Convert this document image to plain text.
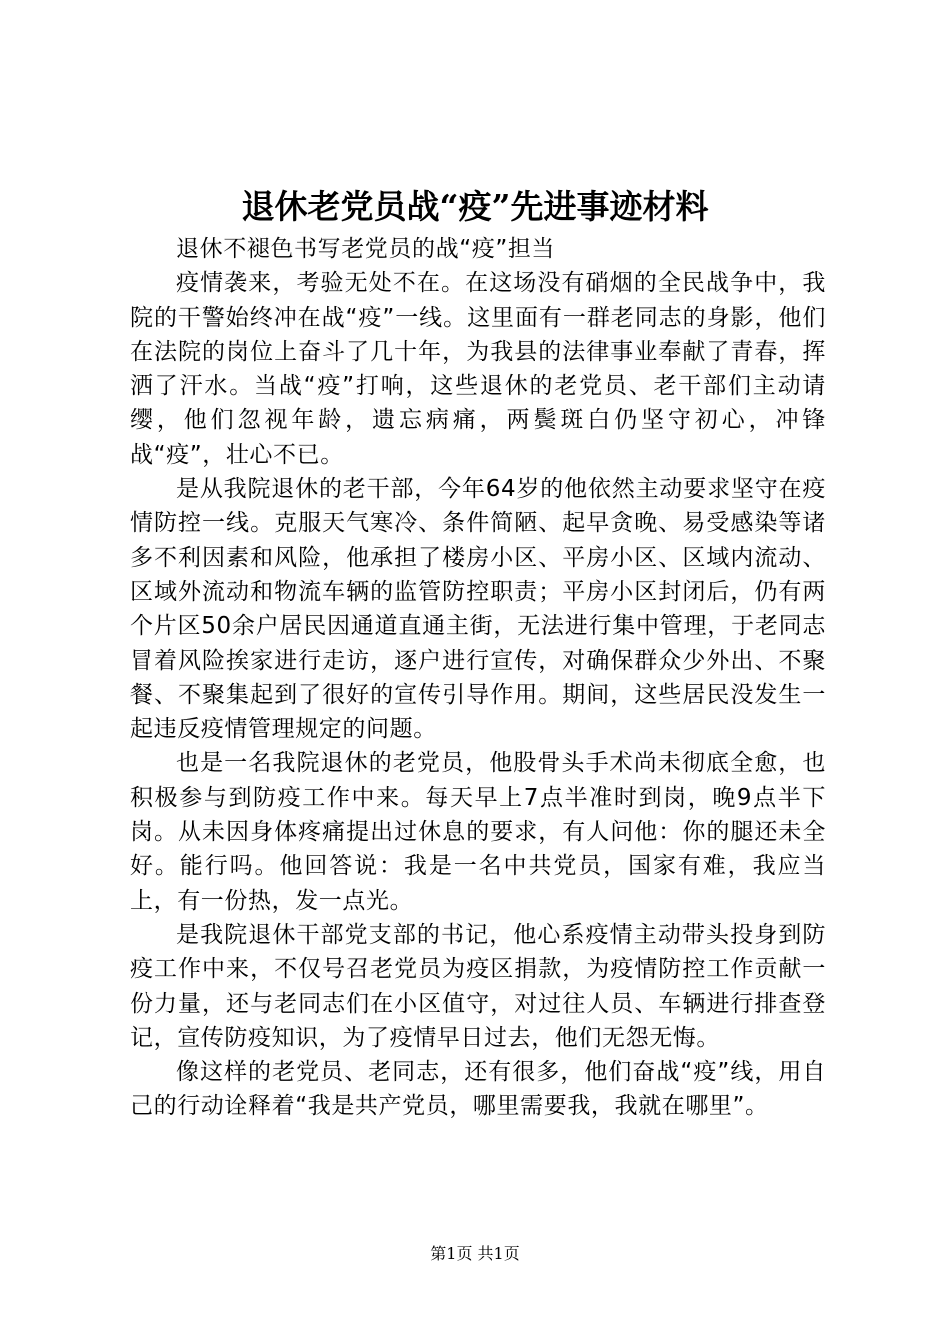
退休老党员战“疫”先进事迹材料

退休不褪色书写老党员的战“疫”担当

疫情袭来，考验无处不在。在这场没有硝烟的全民战争中，我院的干警始终冲在战“疫”一线。这里面有一群老同志的身影，他们在法院的岗位上奋斗了几十年，为我县的法律事业奉献了青春，挥洒了汗水。当战“疫”打响，这些退休的老党员、老干部们主动请缨，他们忽视年龄，遗忘病痛，两鬓斑白仍坚守初心，冲锋战“疫”，壮心不已。

是从我院退休的老干部，今年64岁的他依然主动要求坚守在疫情防控一线。克服天气寒冷、条件简陋、起早贪晚、易受感染等诸多不利因素和风险，他承担了楼房小区、平房小区、区域内流动、区域外流动和物流车辆的监管防控职责；平房小区封闭后，仍有两个片区50余户居民因通道直通主街，无法进行集中管理，于老同志冒着风险挨家进行走访，逐户进行宣传，对确保群众少外出、不聚餐、不聚集起到了很好的宣传引导作用。期间，这些居民没发生一起违反疫情管理规定的问题。

也是一名我院退休的老党员，他股骨头手术尚未彻底全愈，也积极参与到防疫工作中来。每天早上7点半准时到岗，晚9点半下岗。从未因身体疼痛提出过休息的要求，有人问他：你的腿还未全好。能行吗。他回答说：我是一名中共党员，国家有难，我应当上，有一份热，发一点光。

是我院退休干部党支部的书记，他心系疫情主动带头投身到防疫工作中来，不仅号召老党员为疫区捐款，为疫情防控工作贡献一份力量，还与老同志们在小区值守，对过往人员、车辆进行排查登记，宣传防疫知识，为了疫情早日过去，他们无怨无悔。

像这样的老党员、老同志，还有很多，他们奋战“疫”线，用自己的行动诠释着“我是共产党员，哪里需要我，我就在哪里”。

第1页 共1页
